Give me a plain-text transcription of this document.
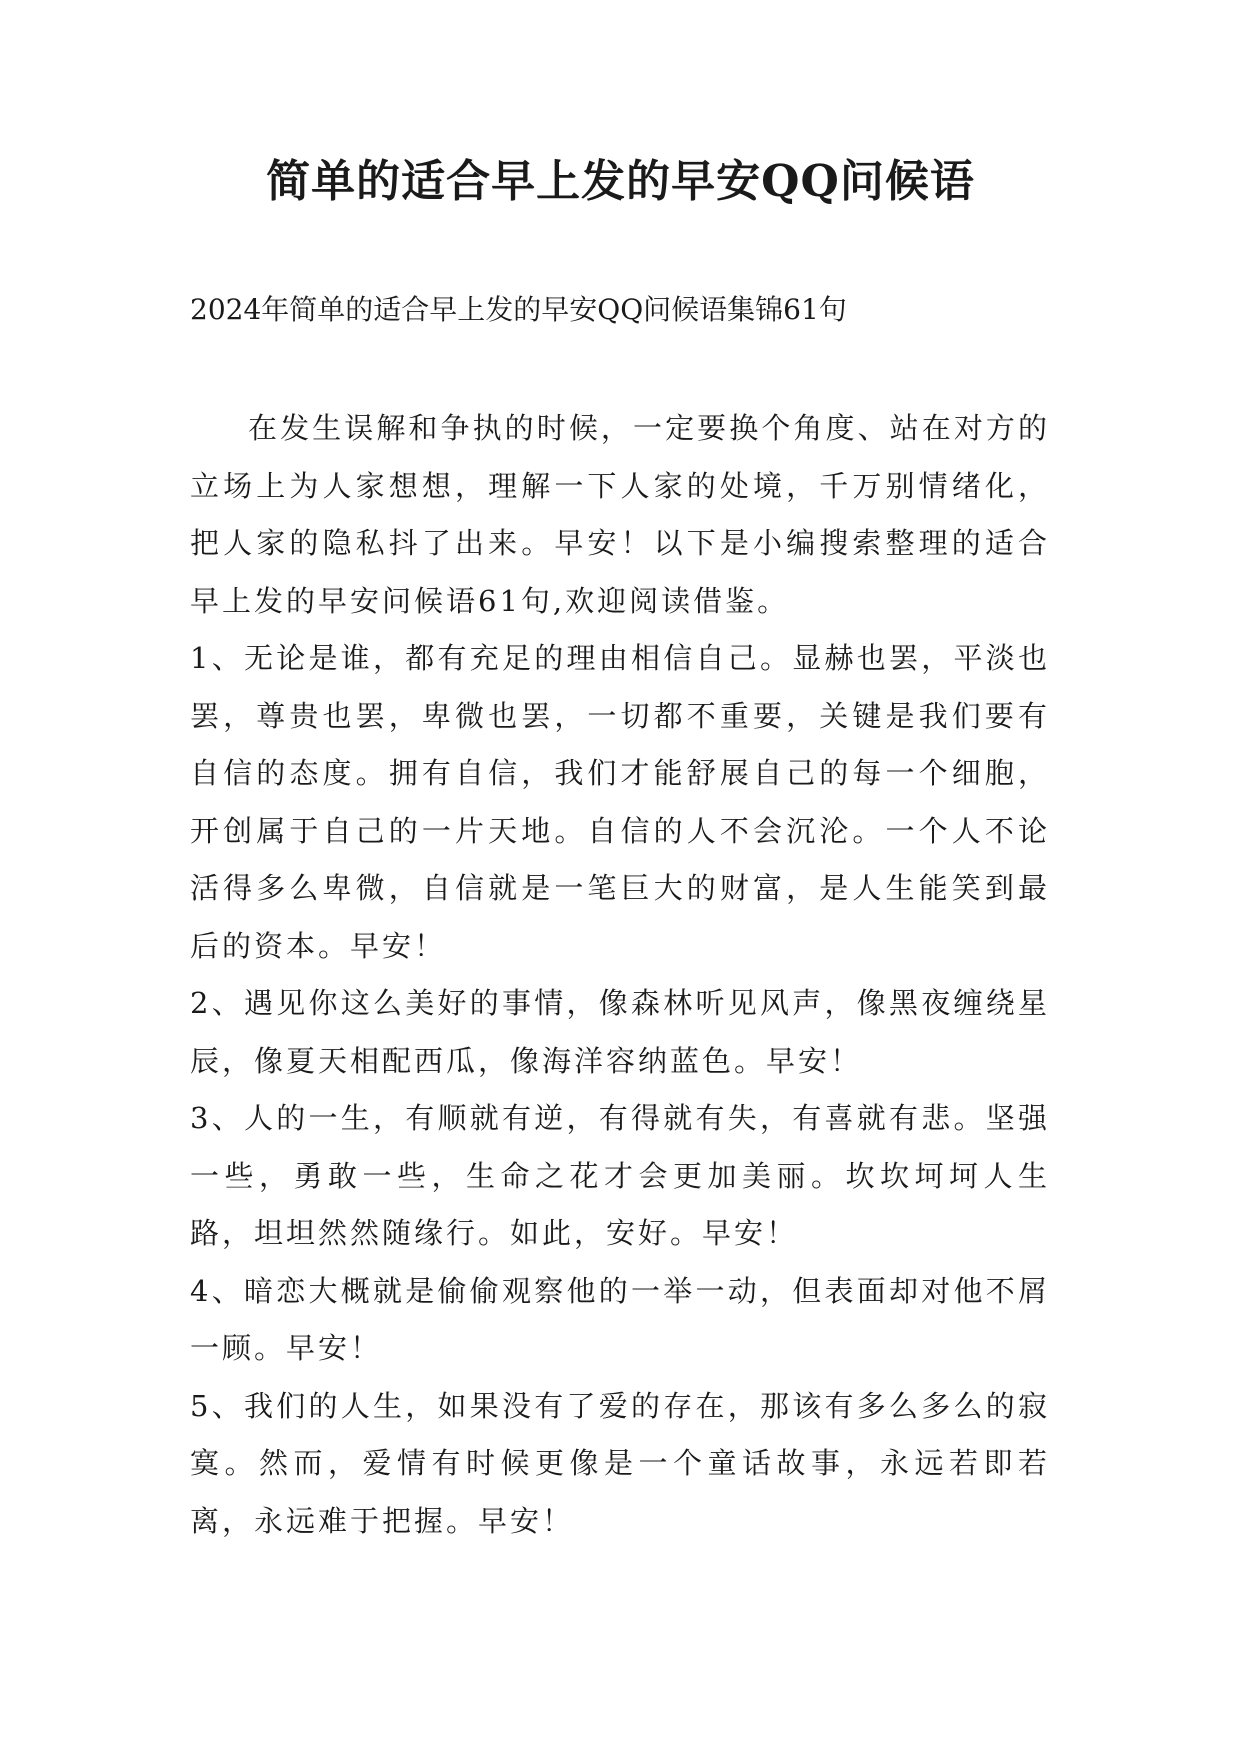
简单的适合早上发的早安QQ问候语

2024年简单的适合早上发的早安QQ问候语集锦61句

在发生误解和争执的时候，一定要换个角度、站在对方的立场上为人家想想，理解一下人家的处境，千万别情绪化，把人家的隐私抖了出来。早安！以下是小编搜索整理的适合早上发的早安问候语61句,欢迎阅读借鉴。

1、无论是谁，都有充足的理由相信自己。显赫也罢，平淡也罢，尊贵也罢，卑微也罢，一切都不重要，关键是我们要有自信的态度。拥有自信，我们才能舒展自己的每一个细胞，开创属于自己的一片天地。自信的人不会沉沦。一个人不论活得多么卑微，自信就是一笔巨大的财富，是人生能笑到最后的资本。早安！

2、遇见你这么美好的事情，像森林听见风声，像黑夜缠绕星辰，像夏天相配西瓜，像海洋容纳蓝色。早安！

3、人的一生，有顺就有逆，有得就有失，有喜就有悲。坚强一些，勇敢一些，生命之花才会更加美丽。坎坎坷坷人生路，坦坦然然随缘行。如此，安好。早安！

4、暗恋大概就是偷偷观察他的一举一动，但表面却对他不屑一顾。早安！

5、我们的人生，如果没有了爱的存在，那该有多么多么的寂寞。然而，爱情有时候更像是一个童话故事，永远若即若离，永远难于把握。早安！
